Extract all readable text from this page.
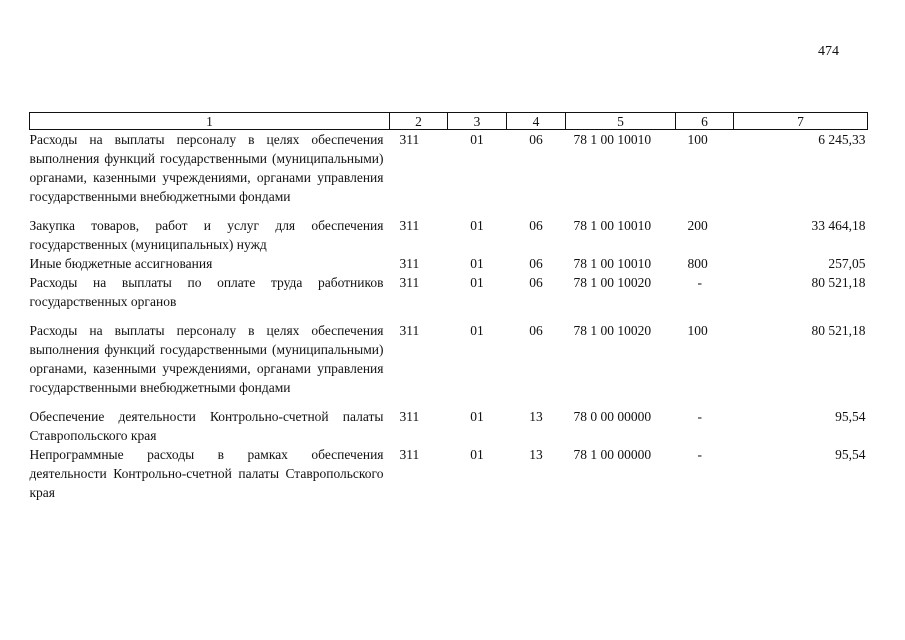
474
1	2	3	4	5	6	7
Расходы на выплаты персоналу в целях обеспечения выполнения функций государственными (муниципальными) органами, казенными учреждениями, органами управления государственными внебюджетными фондами	311	01	06	78 1 00 10010	100	6 245,33
Закупка товаров, работ и услуг для обеспечения государственных (муниципальных) нужд	311	01	06	78 1 00 10010	200	33 464,18
Иные бюджетные ассигнования	311	01	06	78 1 00 10010	800	257,05
Расходы на выплаты по оплате труда работников государственных органов	311	01	06	78 1 00 10020	-	80 521,18
Расходы на выплаты персоналу в целях обеспечения выполнения функций государственными (муниципальными) органами, казенными учреждениями, органами управления государственными внебюджетными фондами	311	01	06	78 1 00 10020	100	80 521,18
Обеспечение деятельности Контрольно-счетной палаты Ставропольского края	311	01	13	78 0 00 00000	-	95,54
Непрограммные расходы в рамках обеспечения деятельности Контрольно-счетной палаты Ставропольского края	311	01	13	78 1 00 00000	-	95,54
